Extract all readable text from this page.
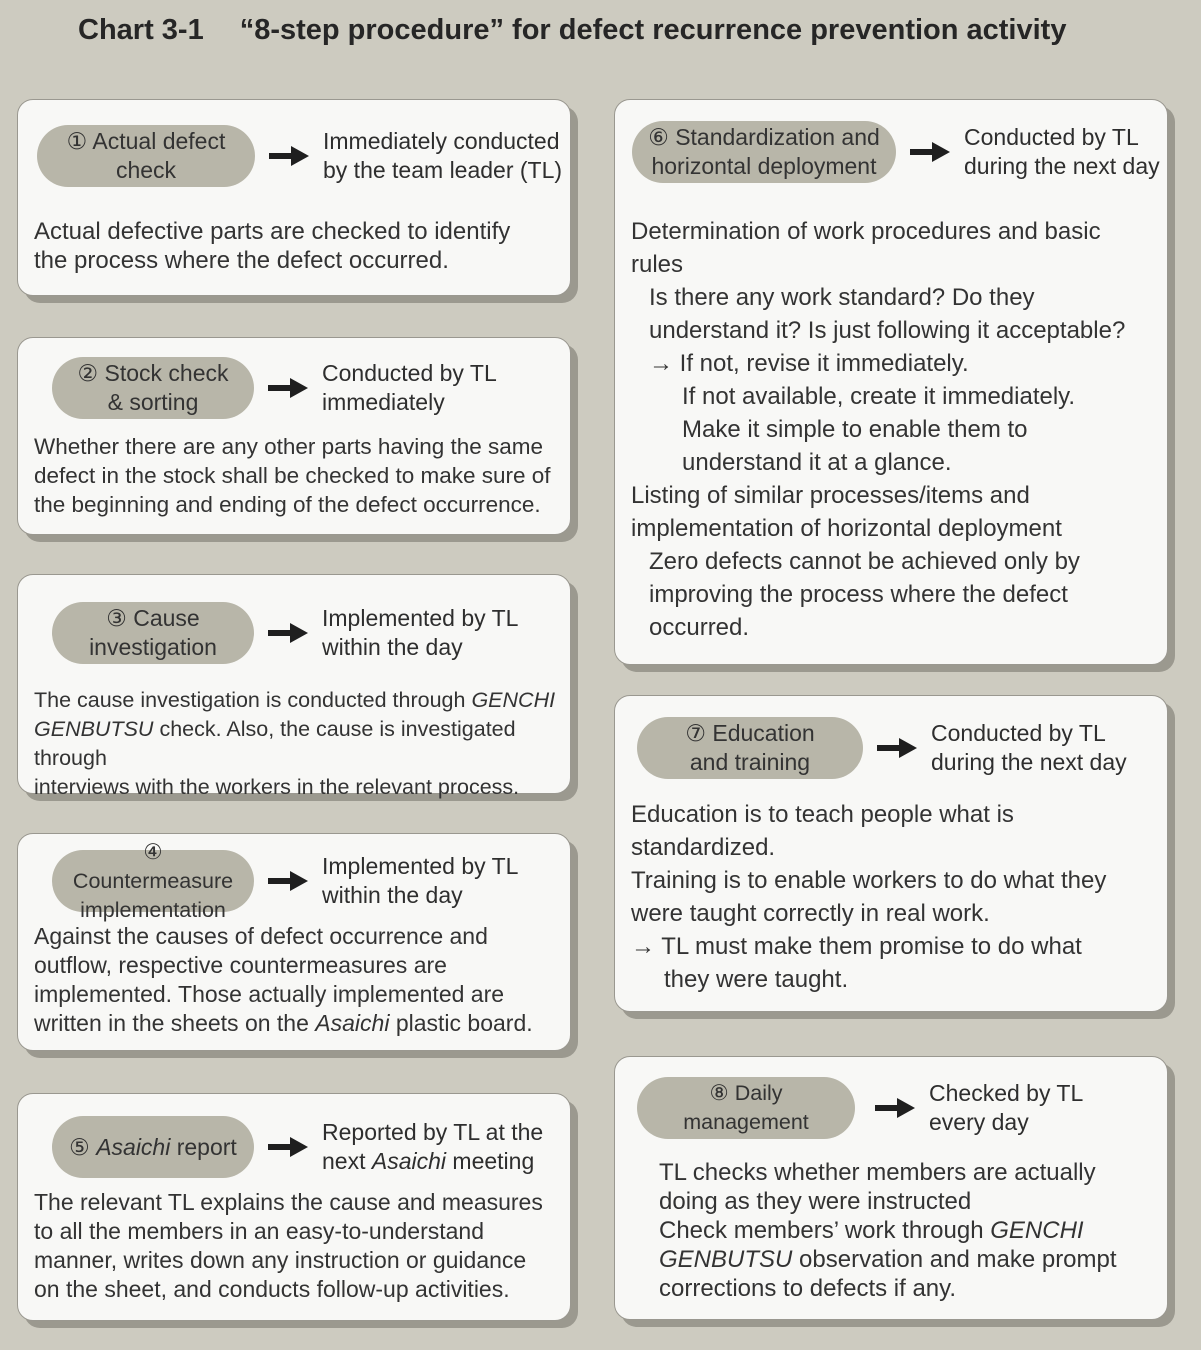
Chart 3-1 “8-step procedure” for defect recurrence prevention activity
① Actual defect
check
Immediately conducted
by the team leader (TL)
Actual defective parts are checked to identify
the process where the defect occurred.
② Stock check
& sorting
Conducted by TL
immediately
Whether there are any other parts having the same
defect in the stock shall be checked to make sure of
the beginning and ending of the defect occurrence.
③ Cause
investigation
Implemented by TL
within the day
The cause investigation is conducted through GENCHI
GENBUTSU check. Also, the cause is investigated through
interviews with the workers in the relevant process.
④ Countermeasure
implementation
Implemented by TL
within the day
Against the causes of defect occurrence and
outflow, respective countermeasures are
implemented. Those actually implemented are
written in the sheets on the Asaichi plastic board.
⑤ Asaichi report
Reported by TL at the
next Asaichi meeting
The relevant TL explains the cause and measures
to all the members in an easy-to-understand
manner, writes down any instruction or guidance
on the sheet, and conducts follow-up activities.
⑥ Standardization and
horizontal deployment
Conducted by TL
during the next day
Determination of work procedures and basic
rules
Is there any work standard? Do they
understand it? Is just following it acceptable?
→ If not, revise it immediately.
If not available, create it immediately.
Make it simple to enable them to
understand it at a glance.
Listing of similar processes/items and
implementation of horizontal deployment
Zero defects cannot be achieved only by
improving the process where the defect
occurred.
⑦ Education
and training
Conducted by TL
during the next day
Education is to teach people what is
standardized.
Training is to enable workers to do what they
were taught correctly in real work.
→ TL must make them promise to do what
they were taught.
⑧ Daily management
Checked by TL
every day
TL checks whether members are actually
doing as they were instructed
Check members’ work through GENCHI
GENBUTSU observation and make prompt
corrections to defects if any.
